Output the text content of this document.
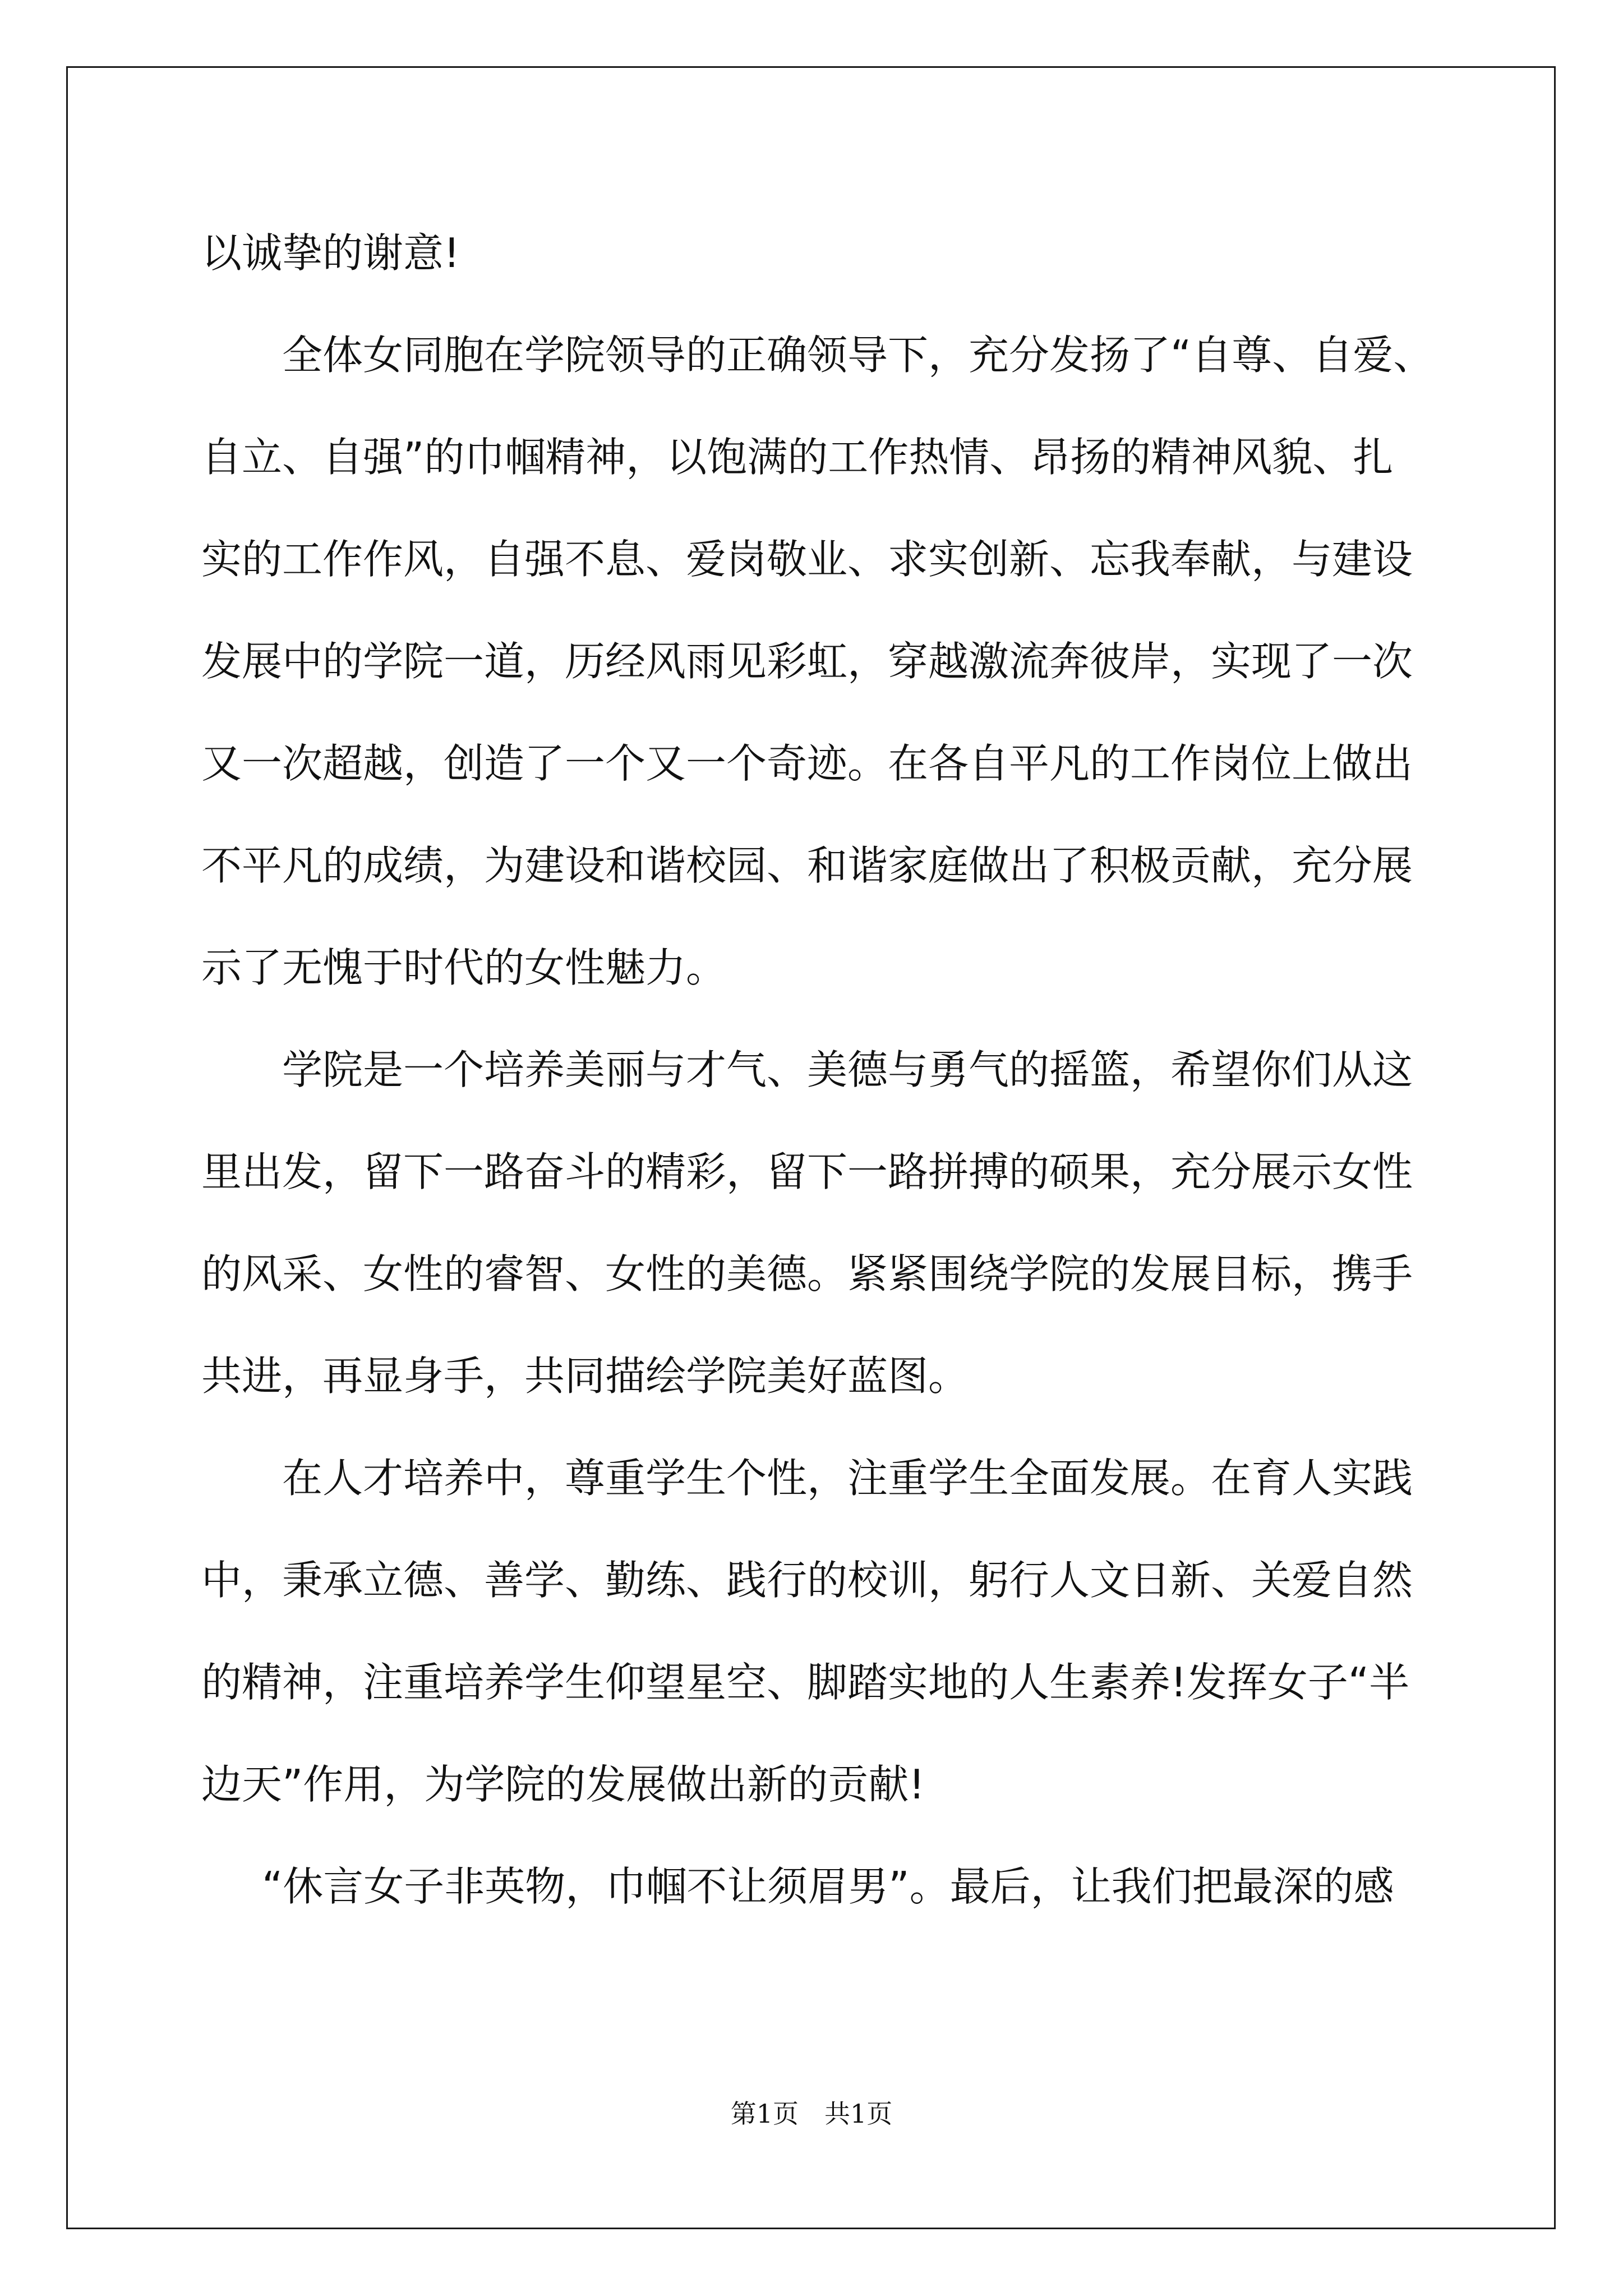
以诚挚的谢意!
全体女同胞在学院领导的正确领导下，充分发扬了“自尊、自爱、
自立、自强”的巾帼精神，以饱满的工作热情、昂扬的精神风貌、扎
实的工作作风，自强不息、爱岗敬业、求实创新、忘我奉献，与建设
发展中的学院一道，历经风雨见彩虹，穿越激流奔彼岸，实现了一次
又一次超越，创造了一个又一个奇迹。在各自平凡的工作岗位上做出
不平凡的成绩，为建设和谐校园、和谐家庭做出了积极贡献，充分展
示了无愧于时代的女性魅力。
学院是一个培养美丽与才气、美德与勇气的摇篮，希望你们从这
里出发，留下一路奋斗的精彩，留下一路拼搏的硕果，充分展示女性
的风采、女性的睿智、女性的美德。紧紧围绕学院的发展目标，携手
共进，再显身手，共同描绘学院美好蓝图。
在人才培养中，尊重学生个性，注重学生全面发展。在育人实践
中，秉承立德、善学、勤练、践行的校训，躬行人文日新、关爱自然
的精神，注重培养学生仰望星空、脚踏实地的人生素养!发挥女子“半
边天”作用，为学院的发展做出新的贡献!
“休言女子非英物，巾帼不让须眉男”。最后，让我们把最深的感
第1页　共1页
